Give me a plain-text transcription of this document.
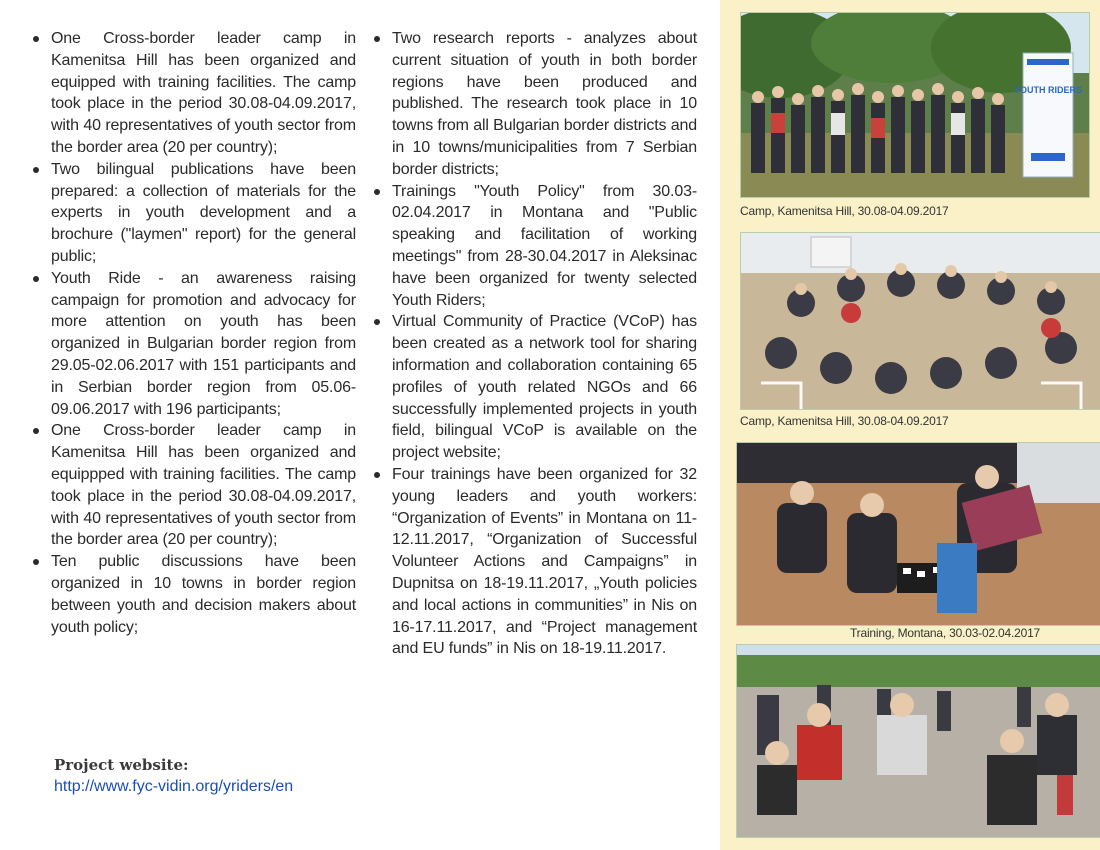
One Cross-border leader camp in Kamenitsa Hill has been organized and equipped with training facilities. The camp took place in the period 30.08-04.09.2017, with 40 representatives of youth sector from the border area (20 per country);
Two bilingual publications have been prepared: a collection of materials for the experts in youth development and a brochure ("laymen" report) for the general public;
Youth Ride - an awareness raising campaign for promotion and advocacy for more attention on youth has been organized in Bulgarian border region from 29.05-02.06.2017 with 151 participants and in Serbian border region from 05.06-09.06.2017 with 196 participants;
One Cross-border leader camp in Kamenitsa Hill has been organized and equippped with training facilities. The camp took place in the period 30.08-04.09.2017, with 40 representatives of youth sector from the border area (20 per country);
Ten public discussions have been organized in 10 towns in border region between youth and decision makers about youth policy;
Two research reports - analyzes about current situation of youth in both border regions have been produced and published. The research took place in 10 towns from all Bulgarian border districts and in 10 towns/municipalities from 7 Serbian border districts;
Trainings "Youth Policy" from 30.03-02.04.2017 in Montana and "Public speaking and facilitation of working meetings" from 28-30.04.2017 in Aleksinac have been organized for twenty selected Youth Riders;
Virtual Community of Practice (VCoP) has been created as a network tool for sharing information and collaboration containing 65 profiles of youth related NGOs and 66 successfully implemented projects in youth field, bilingual VCoP is available on the project website;
Four trainings have been organized for 32 young leaders and youth workers: “Organization of Events” in Montana on 11-12.11.2017, “Organization of Successful Volunteer Actions and Campaigns” in Dupnitsa on 18-19.11.2017, „Youth policies and local actions in communities” in Nis on 16-17.11.2017, and “Project management and EU funds” in Nis on 18-19.11.2017.
Project website:
http://www.fyc-vidin.org/yriders/en
YOUTH RIDERS
Camp, Kamenitsa Hill, 30.08-04.09.2017
Camp, Kamenitsa Hill, 30.08-04.09.2017
Training, Montana, 30.03-02.04.2017
